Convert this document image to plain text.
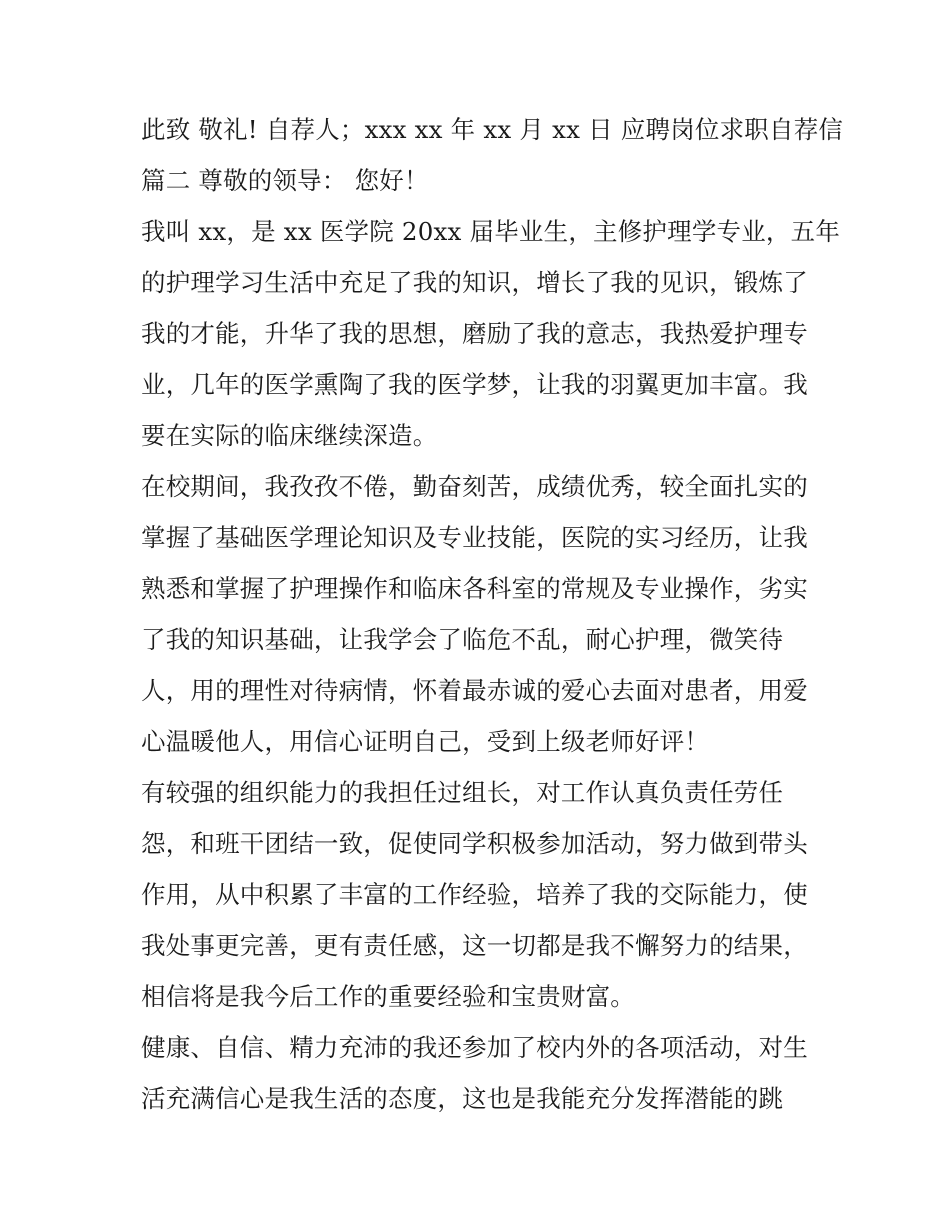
此致 敬礼! 自荐人；xxx xx 年 xx 月 xx 日 应聘岗位求职自荐信
篇二 尊敬的领导： 您好！
我叫 xx，是 xx 医学院 20xx 届毕业生，主修护理学专业，五年
的护理学习生活中充足了我的知识，增长了我的见识，锻炼了
我的才能，升华了我的思想，磨励了我的意志，我热爱护理专
业，几年的医学熏陶了我的医学梦，让我的羽翼更加丰富。我
要在实际的临床继续深造。
在校期间，我孜孜不倦，勤奋刻苦，成绩优秀，较全面扎实的
掌握了基础医学理论知识及专业技能，医院的实习经历，让我
熟悉和掌握了护理操作和临床各科室的常规及专业操作，劣实
了我的知识基础，让我学会了临危不乱，耐心护理，微笑待
人，用的理性对待病情，怀着最赤诚的爱心去面对患者，用爱
心温暖他人，用信心证明自己，受到上级老师好评！
有较强的组织能力的我担任过组长，对工作认真负责任劳任
怨，和班干团结一致，促使同学积极参加活动，努力做到带头
作用，从中积累了丰富的工作经验，培养了我的交际能力，使
我处事更完善，更有责任感，这一切都是我不懈努力的结果，
相信将是我今后工作的重要经验和宝贵财富。
健康、自信、精力充沛的我还参加了校内外的各项活动，对生
活充满信心是我生活的态度，这也是我能充分发挥潜能的跳
